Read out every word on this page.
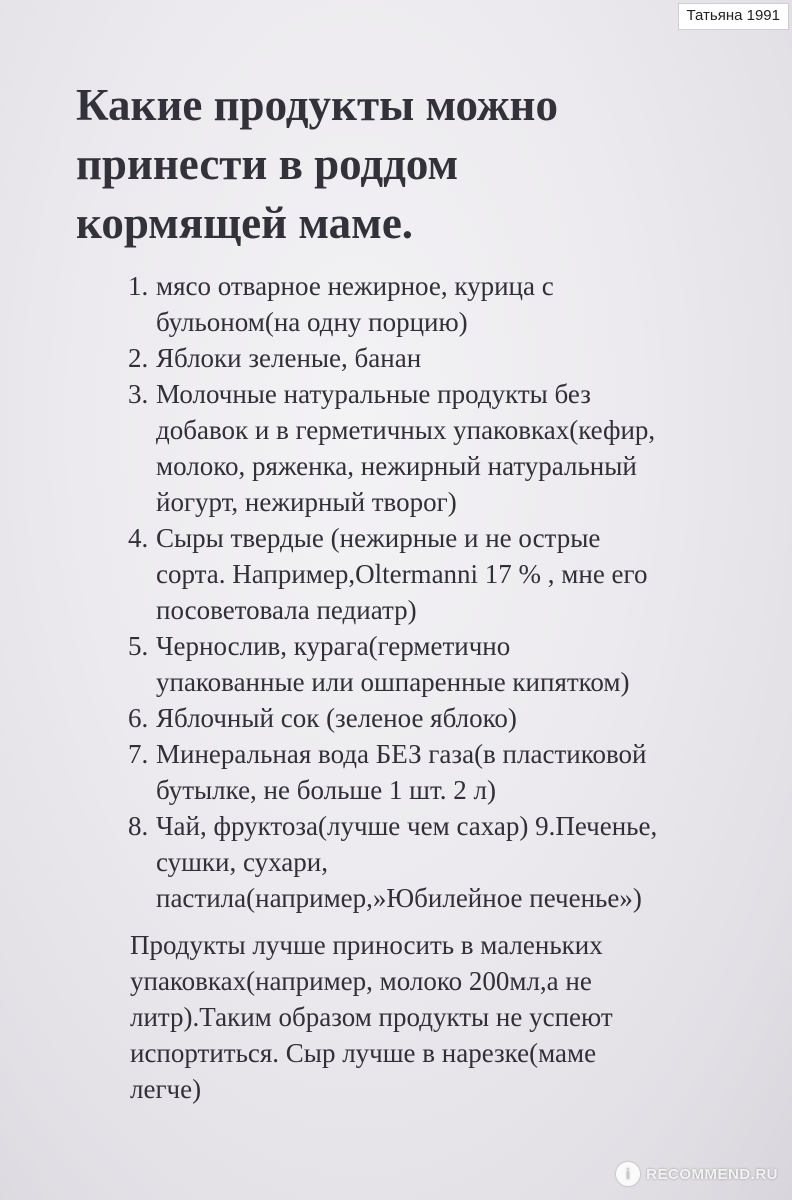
Татьяна 1991
Какие продукты можно
принести в роддом
кормящей маме.
1. мясо отварное нежирное, курица с
бульоном(на одну порцию)
2. Яблоки зеленые, банан
3. Молочные натуральные продукты без
добавок и в герметичных упаковках(кефир,
молоко, ряженка, нежирный натуральный
йогурт, нежирный творог)
4. Сыры твердые (нежирные и не острые
сорта. Например,Oltermanni 17 % , мне его
посоветовала педиатр)
5. Чернослив, курага(герметично
упакованные или ошпаренные кипятком)
6. Яблочный сок (зеленое яблоко)
7. Минеральная вода БЕЗ газа(в пластиковой
бутылке, не больше 1 шт. 2 л)
8. Чай, фруктоза(лучше чем сахар) 9.Печенье,
сушки, сухари,
пастила(например,»Юбилейное печенье»)
Продукты лучше приносить в маленьких
упаковках(например, молоко 200мл,а не
литр).Таким образом продукты не успеют
испортиться. Сыр лучше в нарезке(маме
легче)
i	RECOMMEND.RU
